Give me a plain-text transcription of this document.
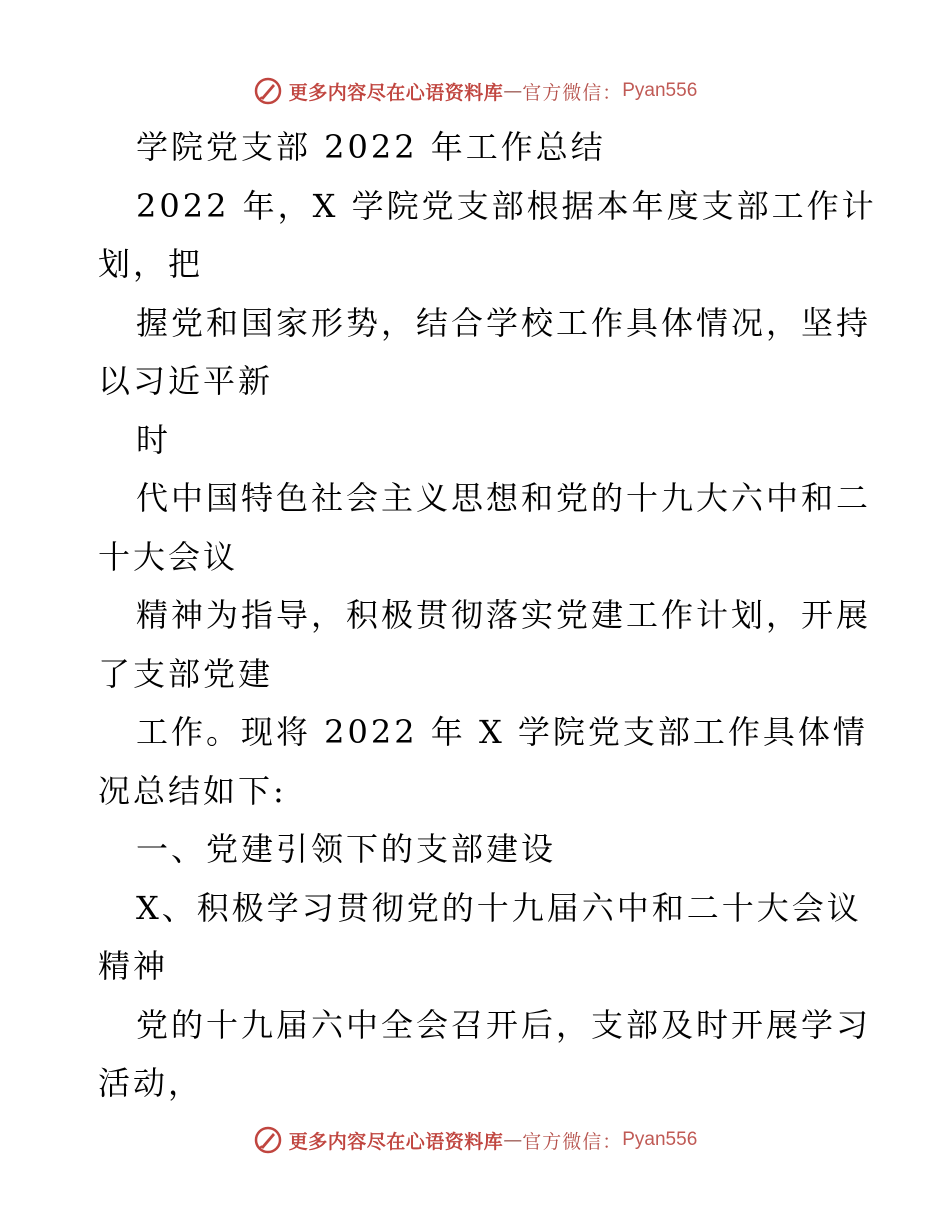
更多内容尽在心语资料库 — 官方微信： Pyan556
学院党支部 2022 年工作总结
2022 年，X 学院党支部根据本年度支部工作计
划，把
握党和国家形势，结合学校工作具体情况，坚持
以习近平新
时
代中国特色社会主义思想和党的十九大六中和二
十大会议
精神为指导，积极贯彻落实党建工作计划，开展
了支部党建
工作。现将 2022 年 X 学院党支部工作具体情
况总结如下:
一、党建引领下的支部建设
X、积极学习贯彻党的十九届六中和二十大会议
精神
党的十九届六中全会召开后，支部及时开展学习
活动，
更多内容尽在心语资料库 — 官方微信： Pyan556
